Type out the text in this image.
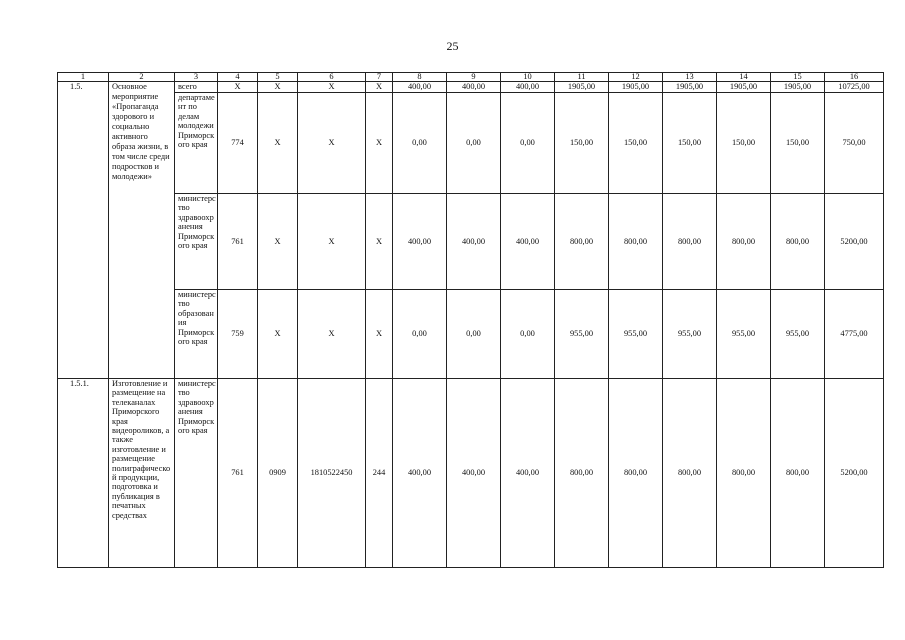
25
1	2	3	4	5	6	7	8	9	10	11	12	13	14	15	16
1.5.	Основное мероприятие «Пропаганда здорового и социально активного образа жизни, в том числе среди подростков и молодежи»	всего	X	X	X	X	400,00	400,00	400,00	1905,00	1905,00	1905,00	1905,00	1905,00	10725,00
		департамент по делам молодежи Приморского края	774	X	X	X	0,00	0,00	0,00	150,00	150,00	150,00	150,00	150,00	750,00
		министерство здравоохранения Приморского края	761	X	X	X	400,00	400,00	400,00	800,00	800,00	800,00	800,00	800,00	5200,00
		министерство образования Приморского края	759	X	X	X	0,00	0,00	0,00	955,00	955,00	955,00	955,00	955,00	4775,00
1.5.1.	Изготовление и размещение на телеканалах Приморского края видеороликов, а также изготовление и размещение полиграфической продукции, подготовка и публикация в печатных средствах	министерство здравоохранения Приморского края	761	0909	1810522450	244	400,00	400,00	400,00	800,00	800,00	800,00	800,00	800,00	5200,00
